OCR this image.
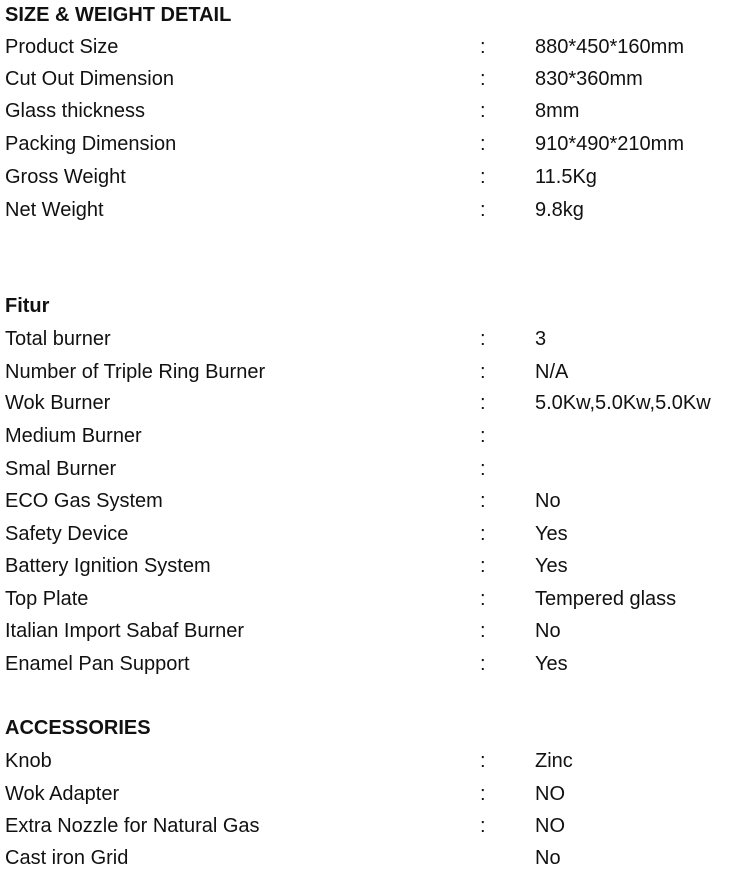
SIZE & WEIGHT DETAIL
Product Size	: 880*450*160mm
Cut Out Dimension	: 830*360mm
Glass thickness	: 8mm
Packing Dimension	: 910*490*210mm
Gross Weight	: 11.5Kg
Net Weight	: 9.8kg
Fitur
Total burner	: 3
Number of Triple Ring Burner	: N/A
Wok Burner	: 5.0Kw,5.0Kw,5.0Kw
Medium Burner	:
Smal Burner	:
ECO Gas System	: No
Safety Device	: Yes
Battery Ignition System	: Yes
Top Plate	: Tempered glass
Italian Import Sabaf Burner	: No
Enamel Pan Support	: Yes
ACCESSORIES
Knob	: Zinc
Wok Adapter	: NO
Extra Nozzle for Natural Gas	: NO
Cast iron Grid	No
